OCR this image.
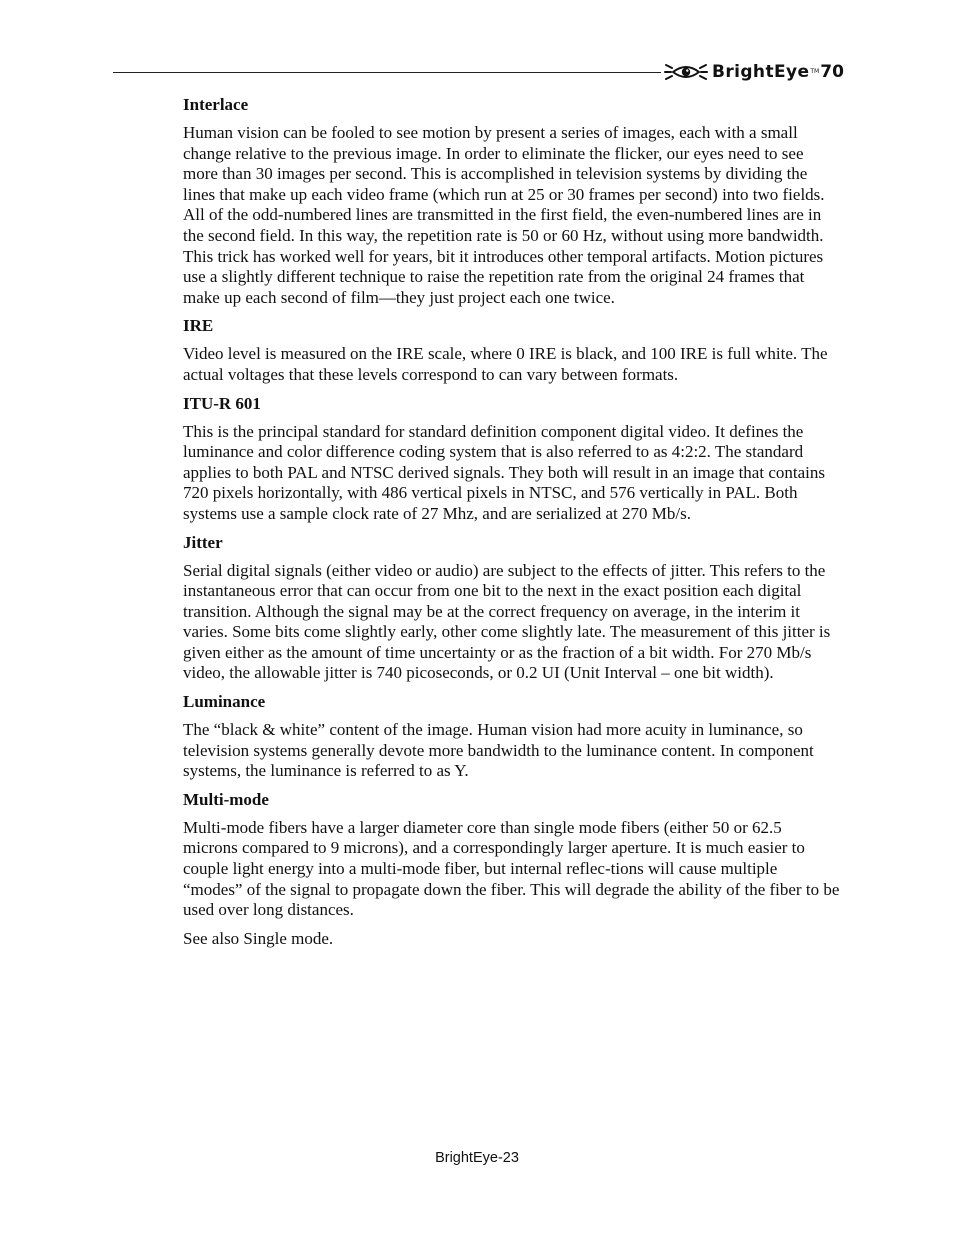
BrightEye TM 70
Interlace

Human vision can be fooled to see motion by present a series of images, each with a small change relative to the previous image. In order to eliminate the flicker, our eyes need to see more than 30 images per second. This is accomplished in television systems by dividing the lines that make up each video frame (which run at 25 or 30 frames per second) into two fields. All of the odd-numbered lines are transmitted in the first field, the even-numbered lines are in the second field. In this way, the repetition rate is 50 or 60 Hz, without using more bandwidth. This trick has worked well for years, bit it introduces other temporal artifacts. Motion pictures use a slightly different technique to raise the repetition rate from the original 24 frames that make up each second of film—they just project each one twice.

IRE

Video level is measured on the IRE scale, where 0 IRE is black, and 100 IRE is full white. The actual voltages that these levels correspond to can vary between formats.

ITU-R 601

This is the principal standard for standard definition component digital video. It defines the luminance and color difference coding system that is also referred to as 4:2:2. The standard applies to both PAL and NTSC derived signals. They both will result in an image that contains 720 pixels horizontally, with 486 vertical pixels in NTSC, and 576 vertically in PAL. Both systems use a sample clock rate of 27 Mhz, and are serialized at 270 Mb/s.

Jitter

Serial digital signals (either video or audio) are subject to the effects of jitter. This refers to the instantaneous error that can occur from one bit to the next in the exact position each digital transition. Although the signal may be at the correct frequency on average, in the interim it varies. Some bits come slightly early, other come slightly late. The measurement of this jitter is given either as the amount of time uncertainty or as the fraction of a bit width. For 270 Mb/s video, the allowable jitter is 740 picoseconds, or 0.2 UI (Unit Interval – one bit width).

Luminance

The “black & white” content of the image. Human vision had more acuity in luminance, so television systems generally devote more bandwidth to the luminance content. In component systems, the luminance is referred to as Y.

Multi-mode

Multi-mode fibers have a larger diameter core than single mode fibers (either 50 or 62.5 microns compared to 9 microns), and a correspondingly larger aperture. It is much easier to couple light energy into a multi-mode fiber, but internal reflec-tions will cause multiple “modes” of the signal to propagate down the fiber. This will degrade the ability of the fiber to be used over long distances.

See also Single mode.

BrightEye-23
